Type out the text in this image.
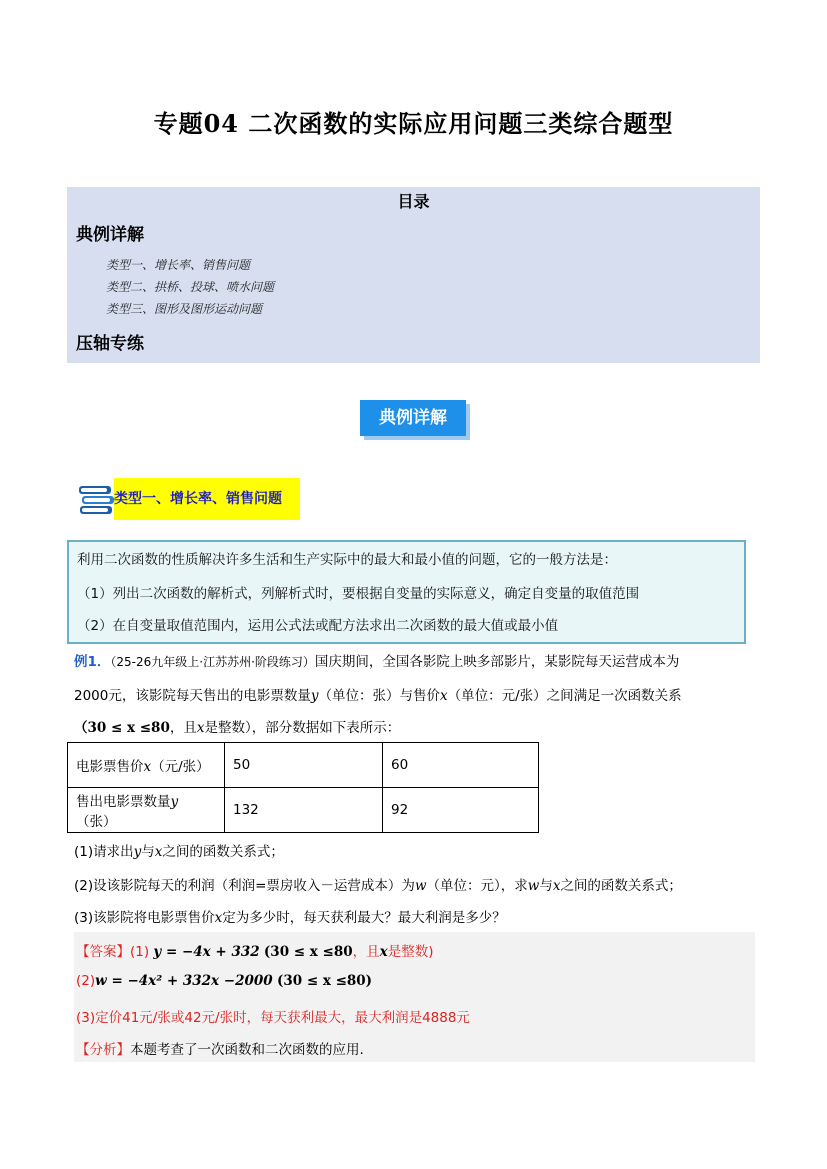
专题04 二次函数的实际应用问题三类综合题型
目录
典例详解
类型一、增长率、销售问题
类型二、拱桥、投球、喷水问题
类型三、图形及图形运动问题
压轴专练
典例详解
类型一、增长率、销售问题
利用二次函数的性质解决许多生活和生产实际中的最大和最小值的问题，它的一般方法是：
（1）列出二次函数的解析式，列解析式时，要根据自变量的实际意义，确定自变量的取值范围
（2）在自变量取值范围内，运用公式法或配方法求出二次函数的最大值或最小值
例1．（25-26九年级上·江苏苏州·阶段练习）国庆期间，全国各影院上映多部影片，某影院每天运营成本为
2000元，该影院每天售出的电影票数量y（单位：张）与售价x（单位：元/张）之间满足一次函数关系
（30 ≤ x ≤80，且x是整数），部分数据如下表所示：
电影票售价x（元/张）	50	60
售出电影票数量y（张）	132	92
(1)请求出y与x之间的函数关系式；
(2)设该影院每天的利润（利润=票房收入－运营成本）为w（单位：元），求w与x之间的函数关系式；
(3)该影院将电影票售价x定为多少时，每天获利最大？最大利润是多少？
【答案】(1) y = −4x + 332 (30 ≤ x ≤80，且x是整数)
(2)w = −4x² + 332x −2000 (30 ≤ x ≤80)
(3)定价41元/张或42元/张时，每天获利最大，最大利润是4888元
【分析】本题考查了一次函数和二次函数的应用.
